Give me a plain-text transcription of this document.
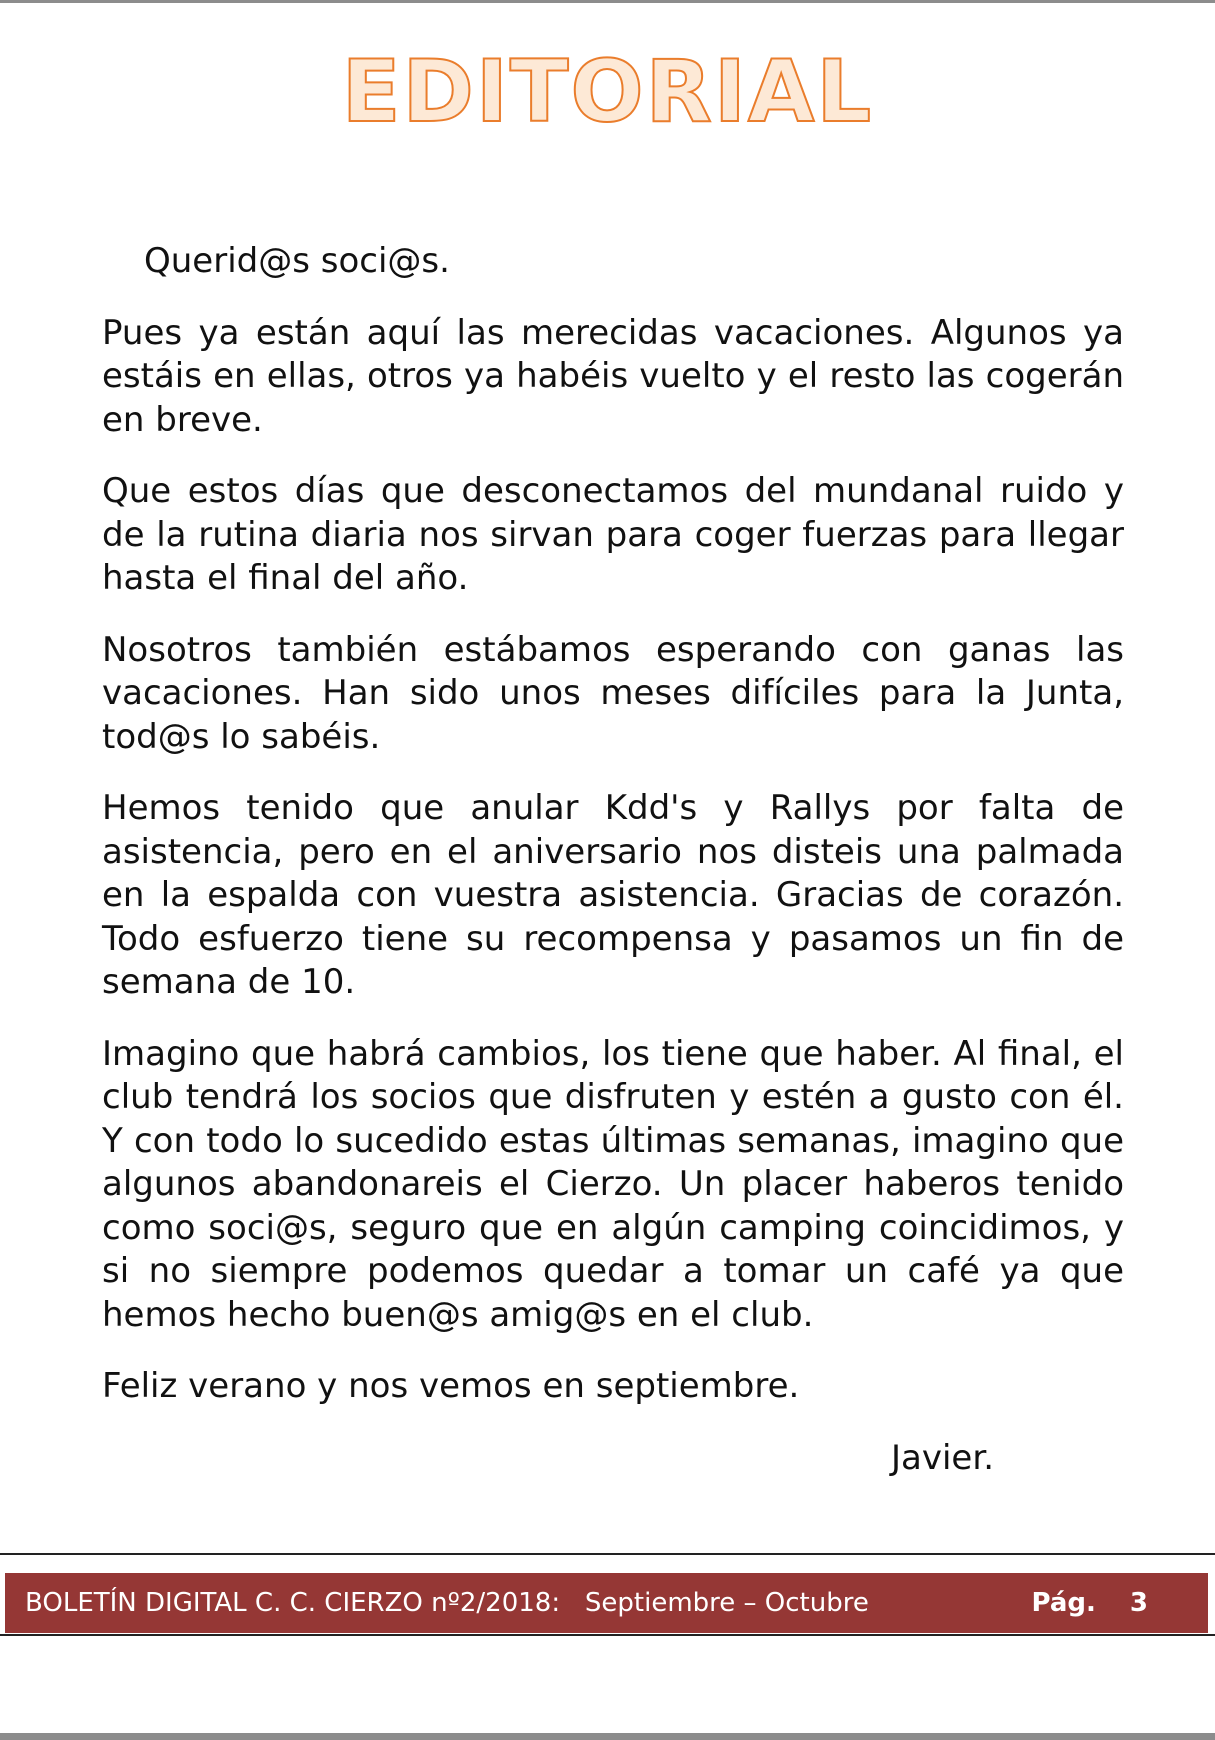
EDITORIAL

Querid@s soci@s.

Pues ya están aquí las merecidas vacaciones. Algunos ya estáis en ellas, otros ya habéis vuelto y el resto las cogerán en breve.

Que estos días que desconectamos del mundanal ruido y de la rutina diaria nos sirvan para coger fuerzas para llegar hasta el final del año.

Nosotros también estábamos esperando con ganas las vacaciones. Han sido unos meses difíciles para la Junta, tod@s lo sabéis.

Hemos tenido que anular Kdd's y Rallys por falta de asistencia, pero en el aniversario nos disteis una palmada en la espalda con vuestra asistencia. Gracias de corazón. Todo esfuerzo tiene su recompensa y pasamos un fin de semana de 10.

Imagino que habrá cambios, los tiene que haber. Al final, el club tendrá los socios que disfruten y estén a gusto con él. Y con todo lo sucedido estas últimas semanas, imagino que algunos abandonareis el Cierzo. Un placer haberos tenido como soci@s, seguro que en algún camping coincidimos, y si no siempre podemos quedar a tomar un café ya que hemos hecho buen@s amig@s en el club.

Feliz verano y nos vemos en septiembre.

Javier.

BOLETÍN DIGITAL C. C. CIERZO nº2/2018:   Septiembre – Octubre	Pág. 3
